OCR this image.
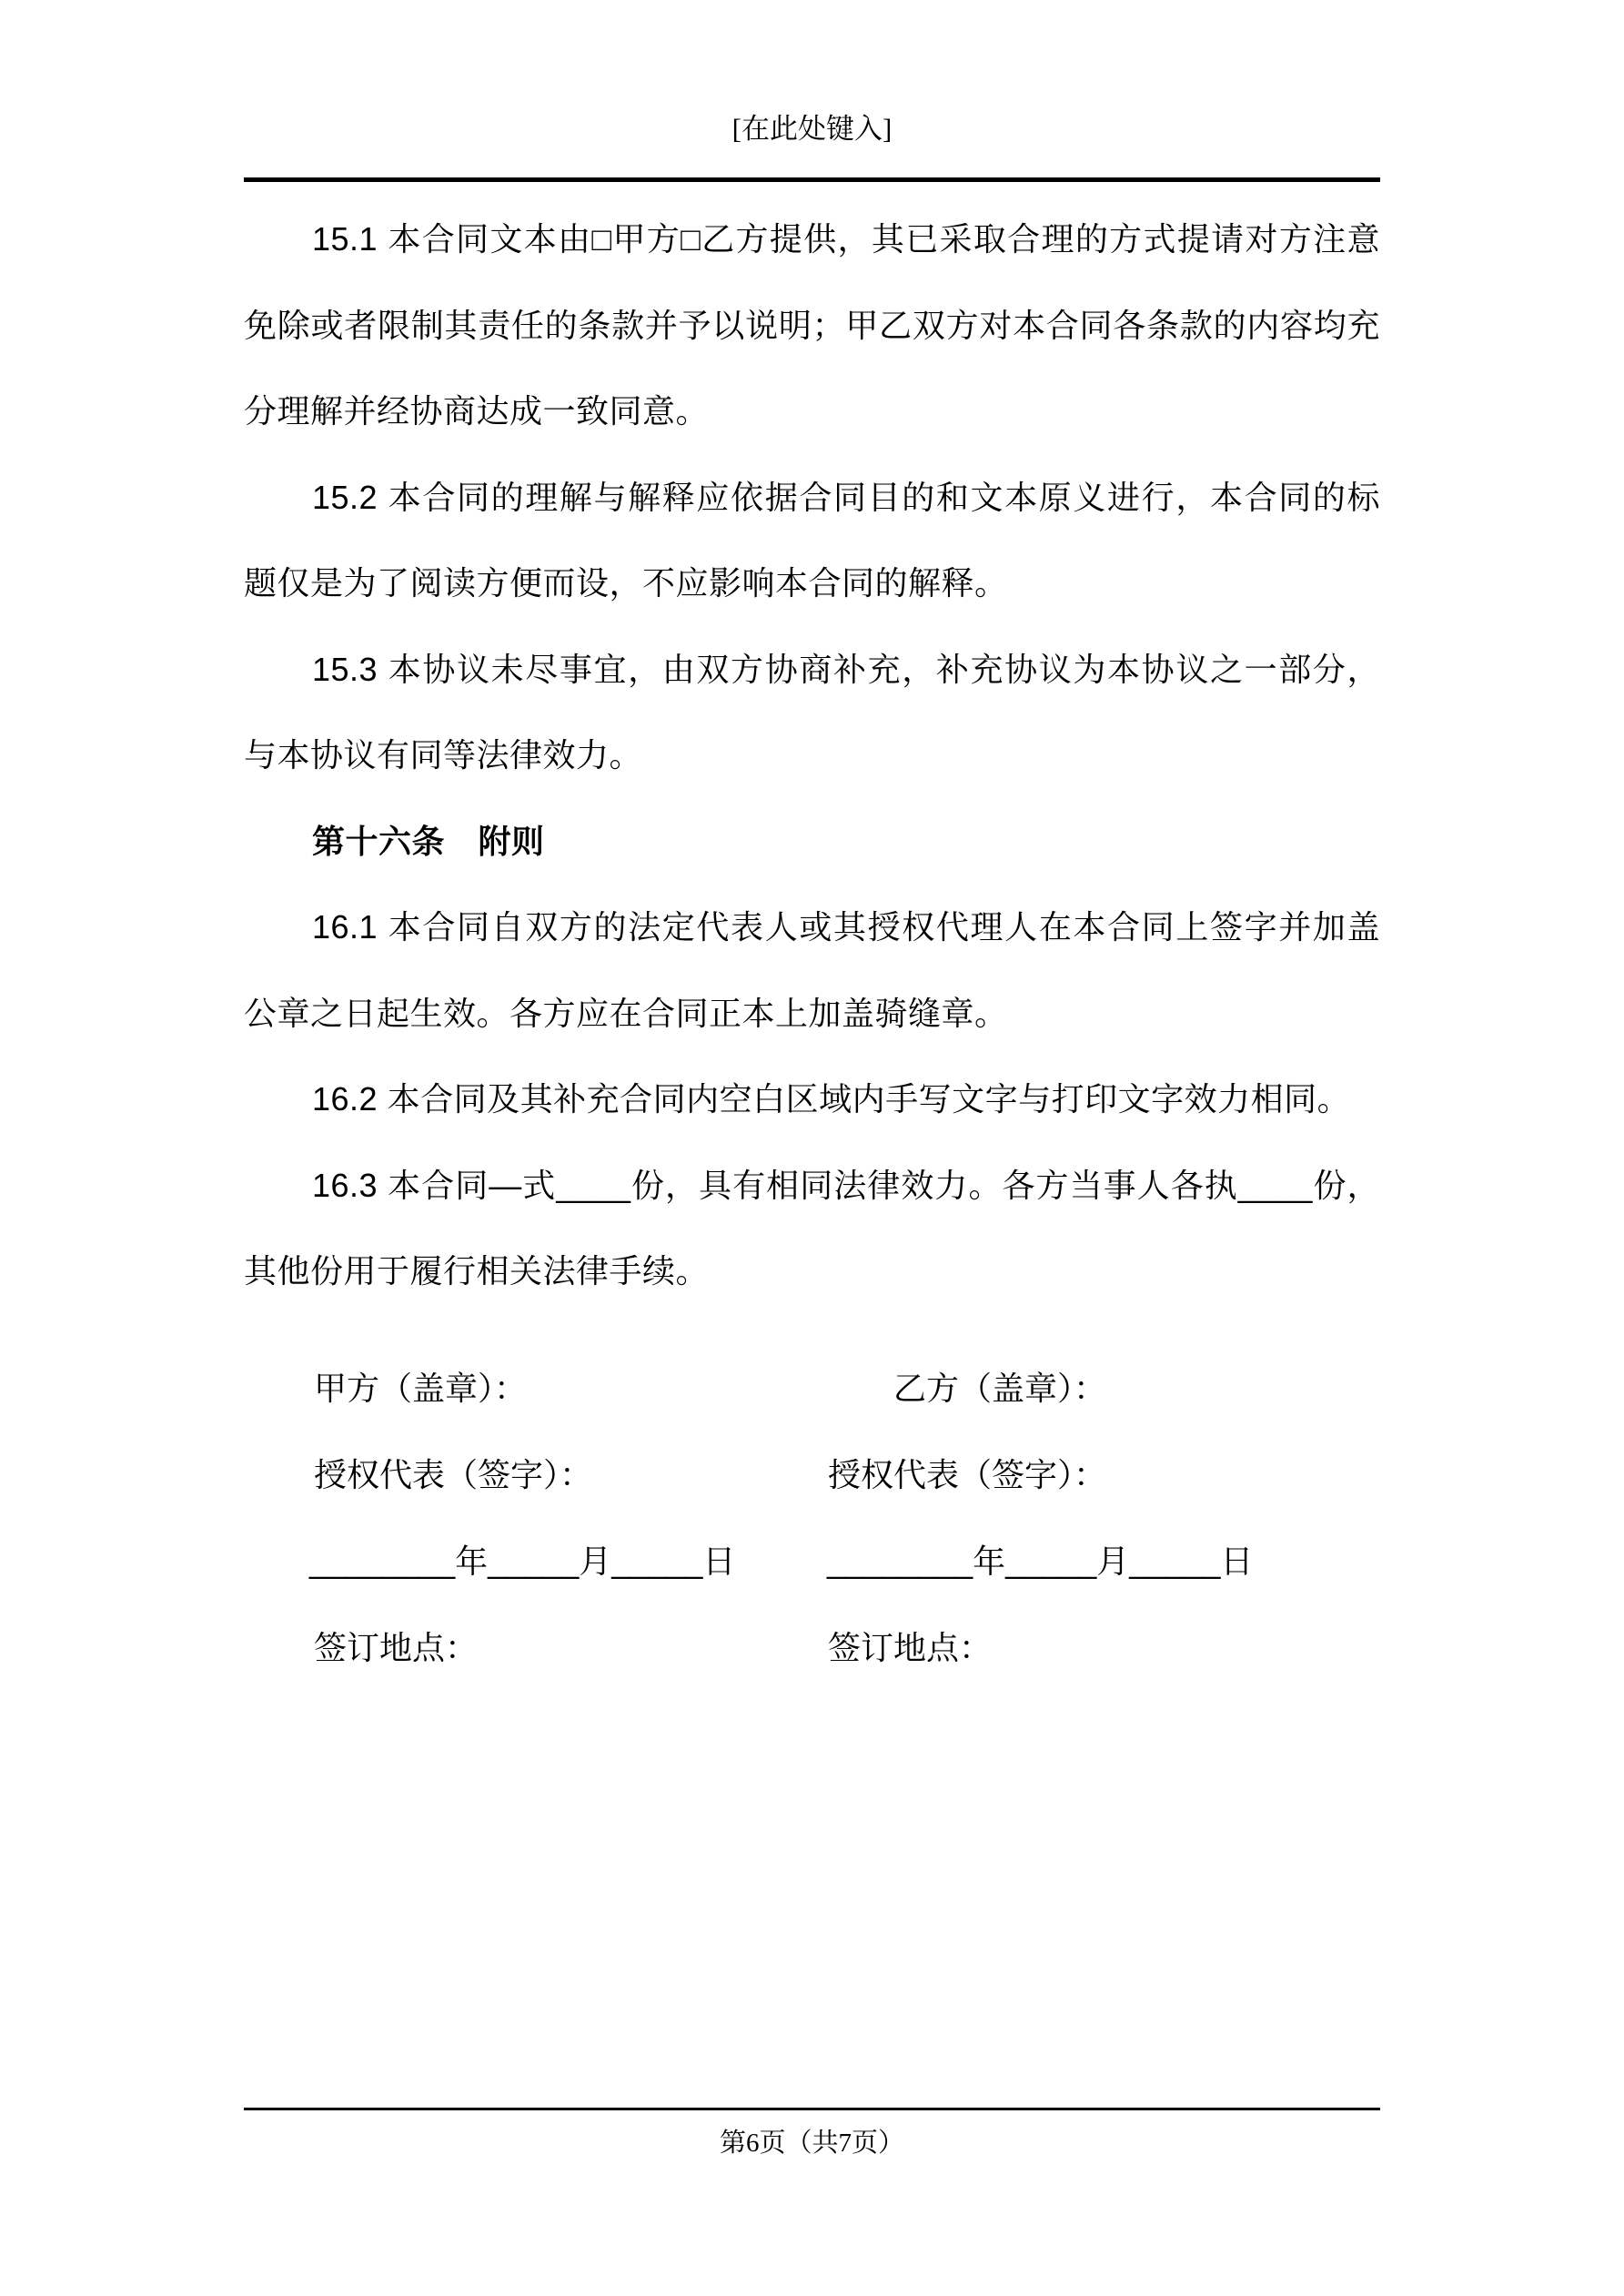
[在此处键入]

15.1 本合同文本由□甲方□乙方提供，其已采取合理的方式提请对方注意免除或者限制其责任的条款并予以说明；甲乙双方对本合同各条款的内容均充分理解并经协商达成一致同意。

15.2 本合同的理解与解释应依据合同目的和文本原义进行，本合同的标题仅是为了阅读方便而设，不应影响本合同的解释。

15.3 本协议未尽事宜，由双方协商补充，补充协议为本协议之一部分，与本协议有同等法律效力。

第十六条　附则

16.1 本合同自双方的法定代表人或其授权代理人在本合同上签字并加盖公章之日起生效。各方应在合同正本上加盖骑缝章。

16.2 本合同及其补充合同内空白区域内手写文字与打印文字效力相同。

16.3 本合同—式____份，具有相同法律效力。各方当事人各执____份，其他份用于履行相关法律手续。

甲方（盖章）：	乙方（盖章）：
授权代表（签字）：	授权代表（签字）：
________年_____月_____日	________年_____月_____日
签订地点：	签订地点：
第6页（共7页）
